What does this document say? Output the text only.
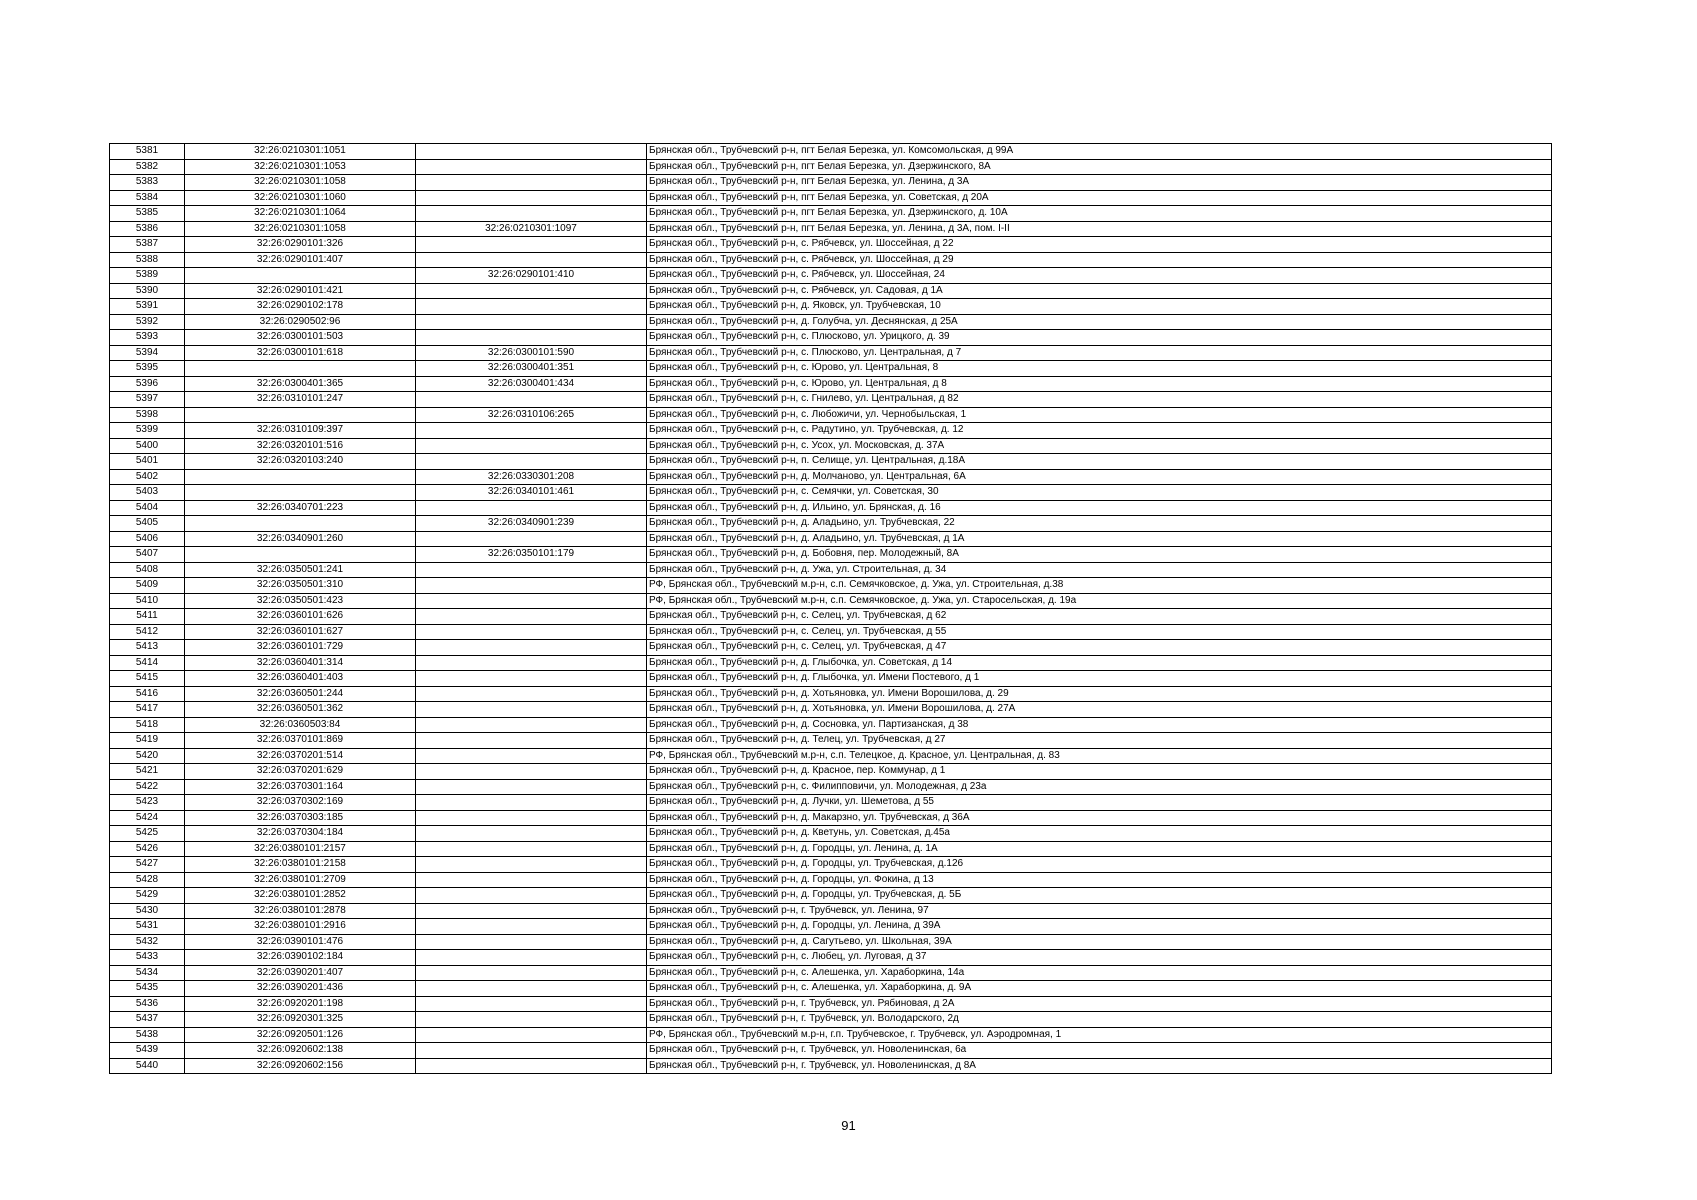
5381	32:26:0210301:1051		Брянская обл., Трубчевский р-н, пгт Белая Березка, ул. Комсомольская, д 99А
5382	32:26:0210301:1053		Брянская обл., Трубчевский р-н, пгт Белая Березка, ул. Дзержинского, 8А
5383	32:26:0210301:1058		Брянская обл., Трубчевский р-н, пгт Белая Березка, ул. Ленина, д 3А
5384	32:26:0210301:1060		Брянская обл., Трубчевский р-н, пгт Белая Березка, ул. Советская, д 20А
5385	32:26:0210301:1064		Брянская обл., Трубчевский р-н, пгт Белая Березка, ул. Дзержинского, д. 10А
5386	32:26:0210301:1058	32:26:0210301:1097	Брянская обл., Трубчевский р-н, пгт Белая Березка, ул. Ленина, д 3А, пом. I-II
5387	32:26:0290101:326		Брянская обл., Трубчевский р-н, с. Рябчевск, ул. Шоссейная, д 22
5388	32:26:0290101:407		Брянская обл., Трубчевский р-н, с. Рябчевск, ул. Шоссейная, д 29
5389		32:26:0290101:410	Брянская обл., Трубчевский р-н, с. Рябчевск, ул. Шоссейная, 24
5390	32:26:0290101:421		Брянская обл., Трубчевский р-н, с. Рябчевск, ул. Садовая, д 1А
5391	32:26:0290102:178		Брянская обл., Трубчевский р-н, д. Яковск, ул. Трубчевская, 10
5392	32:26:0290502:96		Брянская обл., Трубчевский р-н, д. Голубча, ул. Деснянская, д 25А
5393	32:26:0300101:503		Брянская обл., Трубчевский р-н, с. Плюсково, ул. Урицкого, д. 39
5394	32:26:0300101:618	32:26:0300101:590	Брянская обл., Трубчевский р-н, с. Плюсково, ул. Центральная, д 7
5395		32:26:0300401:351	Брянская обл., Трубчевский р-н, с. Юрово, ул. Центральная, 8
5396	32:26:0300401:365	32:26:0300401:434	Брянская обл., Трубчевский р-н, с. Юрово, ул. Центральная, д 8
5397	32:26:0310101:247		Брянская обл., Трубчевский р-н, с. Гнилево, ул. Центральная, д 82
5398		32:26:0310106:265	Брянская обл., Трубчевский р-н, с. Любожичи, ул. Чернобыльская, 1
5399	32:26:0310109:397		Брянская обл., Трубчевский р-н, с. Радутино, ул. Трубчевская, д. 12
5400	32:26:0320101:516		Брянская обл., Трубчевский р-н, с. Усох, ул. Московская, д. 37А
5401	32:26:0320103:240		Брянская обл., Трубчевский р-н, п. Селище, ул. Центральная, д.18А
5402		32:26:0330301:208	Брянская обл., Трубчевский р-н, д. Молчаново, ул. Центральная, 6А
5403		32:26:0340101:461	Брянская обл., Трубчевский р-н, с. Семячки, ул. Советская, 30
5404	32:26:0340701:223		Брянская обл., Трубчевский р-н, д. Ильино, ул. Брянская, д. 16
5405		32:26:0340901:239	Брянская обл., Трубчевский р-н, д. Аладьино, ул. Трубчевская, 22
5406	32:26:0340901:260		Брянская обл., Трубчевский р-н, д. Аладьино, ул. Трубчевская, д 1А
5407		32:26:0350101:179	Брянская обл., Трубчевский р-н, д. Бобовня, пер. Молодежный, 8А
5408	32:26:0350501:241		Брянская обл., Трубчевский р-н, д. Ужа, ул. Строительная, д. 34
5409	32:26:0350501:310		РФ, Брянская обл., Трубчевский м.р-н, с.п. Семячковское, д. Ужа, ул. Строительная, д.38
5410	32:26:0350501:423		РФ, Брянская обл., Трубчевский м.р-н, с.п. Семячковское, д. Ужа, ул. Старосельская, д. 19а
5411	32:26:0360101:626		Брянская обл., Трубчевский р-н, с. Селец, ул. Трубчевская, д 62
5412	32:26:0360101:627		Брянская обл., Трубчевский р-н, с. Селец, ул. Трубчевская, д 55
5413	32:26:0360101:729		Брянская обл., Трубчевский р-н, с. Селец, ул. Трубчевская, д 47
5414	32:26:0360401:314		Брянская обл., Трубчевский р-н, д. Глыбочка, ул. Советская, д 14
5415	32:26:0360401:403		Брянская обл., Трубчевский р-н, д. Глыбочка, ул. Имени Постевого, д 1
5416	32:26:0360501:244		Брянская обл., Трубчевский р-н, д. Хотьяновка, ул. Имени Ворошилова, д. 29
5417	32:26:0360501:362		Брянская обл., Трубчевский р-н, д. Хотьяновка, ул. Имени Ворошилова, д. 27А
5418	32:26:0360503:84		Брянская обл., Трубчевский р-н, д. Сосновка, ул. Партизанская, д 38
5419	32:26:0370101:869		Брянская обл., Трубчевский р-н, д. Телец, ул. Трубчевская, д 27
5420	32:26:0370201:514		РФ, Брянская обл., Трубчевский м.р-н, с.п. Телецкое, д. Красное, ул. Центральная, д. 83
5421	32:26:0370201:629		Брянская обл., Трубчевский р-н, д. Красное, пер. Коммунар, д 1
5422	32:26:0370301:164		Брянская обл., Трубчевский р-н, с. Филипповичи, ул. Молодежная, д 23а
5423	32:26:0370302:169		Брянская обл., Трубчевский р-н, д. Лучки, ул. Шеметова, д 55
5424	32:26:0370303:185		Брянская обл., Трубчевский р-н, д. Макарзно, ул. Трубчевская, д 36А
5425	32:26:0370304:184		Брянская обл., Трубчевский р-н, д. Кветунь, ул. Советская, д.45а
5426	32:26:0380101:2157		Брянская обл., Трубчевский р-н, д. Городцы, ул. Ленина, д. 1А
5427	32:26:0380101:2158		Брянская обл., Трубчевский р-н, д. Городцы, ул. Трубчевская, д.126
5428	32:26:0380101:2709		Брянская обл., Трубчевский р-н, д. Городцы, ул. Фокина, д 13
5429	32:26:0380101:2852		Брянская обл., Трубчевский р-н, д. Городцы, ул. Трубчевская, д. 5Б
5430	32:26:0380101:2878		Брянская обл., Трубчевский р-н, г. Трубчевск, ул. Ленина, 97
5431	32:26:0380101:2916		Брянская обл., Трубчевский р-н, д. Городцы, ул. Ленина, д 39А
5432	32:26:0390101:476		Брянская обл., Трубчевский р-н, д. Сагутьево, ул. Школьная, 39А
5433	32:26:0390102:184		Брянская обл., Трубчевский р-н, с. Любец, ул. Луговая, д 37
5434	32:26:0390201:407		Брянская обл., Трубчевский р-н, с. Алешенка, ул. Хараборкина, 14а
5435	32:26:0390201:436		Брянская обл., Трубчевский р-н, с. Алешенка, ул. Хараборкина, д. 9А
5436	32:26:0920201:198		Брянская обл., Трубчевский р-н, г. Трубчевск, ул. Рябиновая, д 2А
5437	32:26:0920301:325		Брянская обл., Трубчевский р-н, г. Трубчевск, ул. Володарского, 2д
5438	32:26:0920501:126		РФ, Брянская обл., Трубчевский м.р-н, г.п. Трубчевское, г. Трубчевск, ул. Аэродромная, 1
5439	32:26:0920602:138		Брянская обл., Трубчевский р-н, г. Трубчевск, ул. Новоленинская, 6а
5440	32:26:0920602:156		Брянская обл., Трубчевский р-н, г. Трубчевск, ул. Новоленинская, д 8А
91
